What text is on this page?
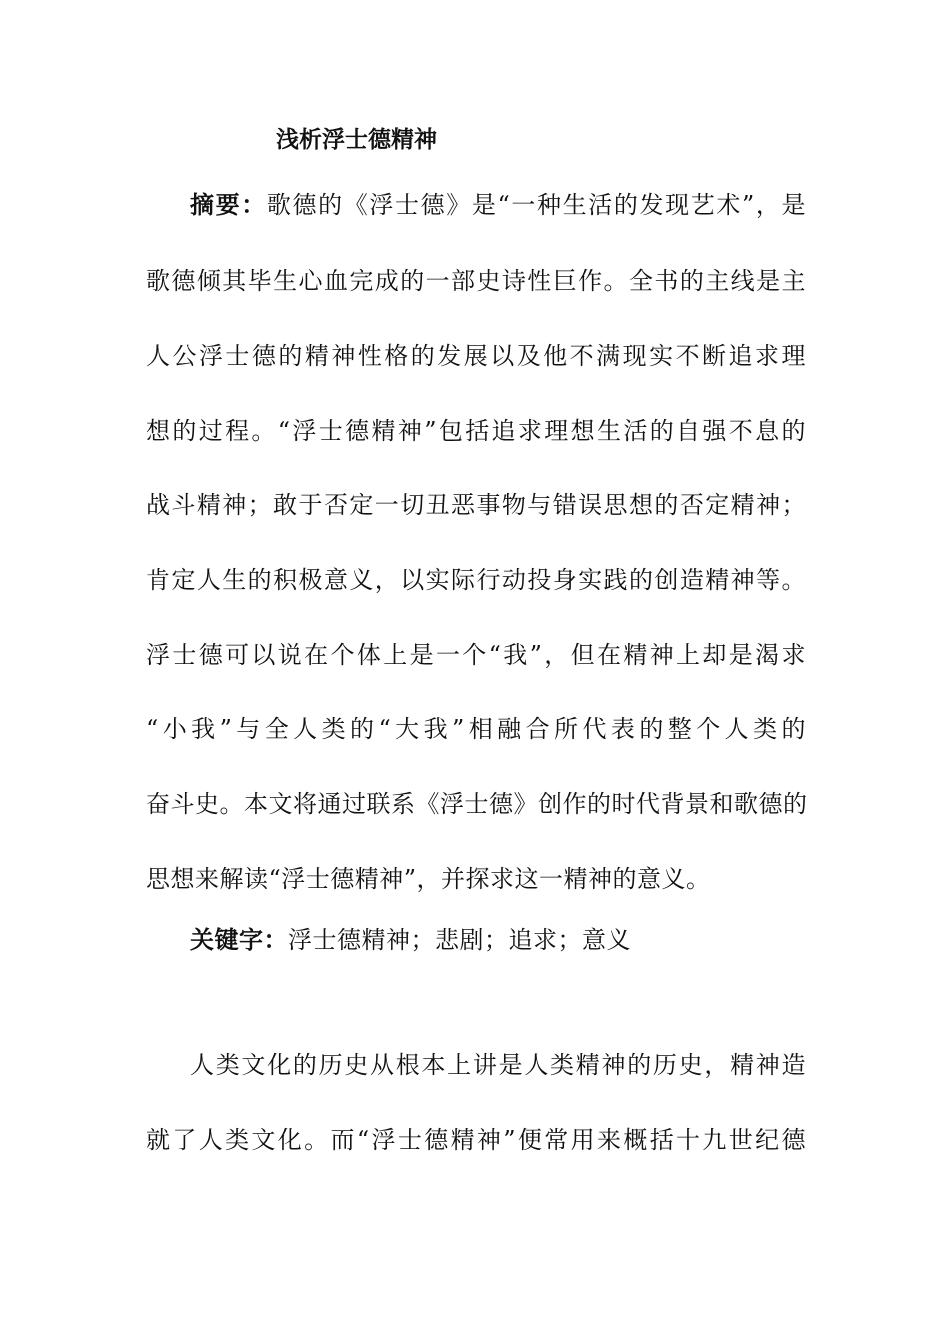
浅析浮士德精神
摘要：歌德的《浮士德》是“一种生活的发现艺术”，是
歌德倾其毕生心血完成的一部史诗性巨作。全书的主线是主
人公浮士德的精神性格的发展以及他不满现实不断追求理
想的过程。“浮士德精神”包括追求理想生活的自强不息的
战斗精神；敢于否定一切丑恶事物与错误思想的否定精神；
肯定人生的积极意义，以实际行动投身实践的创造精神等。
浮士德可以说在个体上是一个“我”，但在精神上却是渴求
“小我”与全人类的“大我”相融合所代表的整个人类的
奋斗史。本文将通过联系《浮士德》创作的时代背景和歌德的
思想来解读“浮士德精神”，并探求这一精神的意义。
关键字：浮士德精神；悲剧；追求；意义
人类文化的历史从根本上讲是人类精神的历史，精神造
就了人类文化。而“浮士德精神”便常用来概括十九世纪德
